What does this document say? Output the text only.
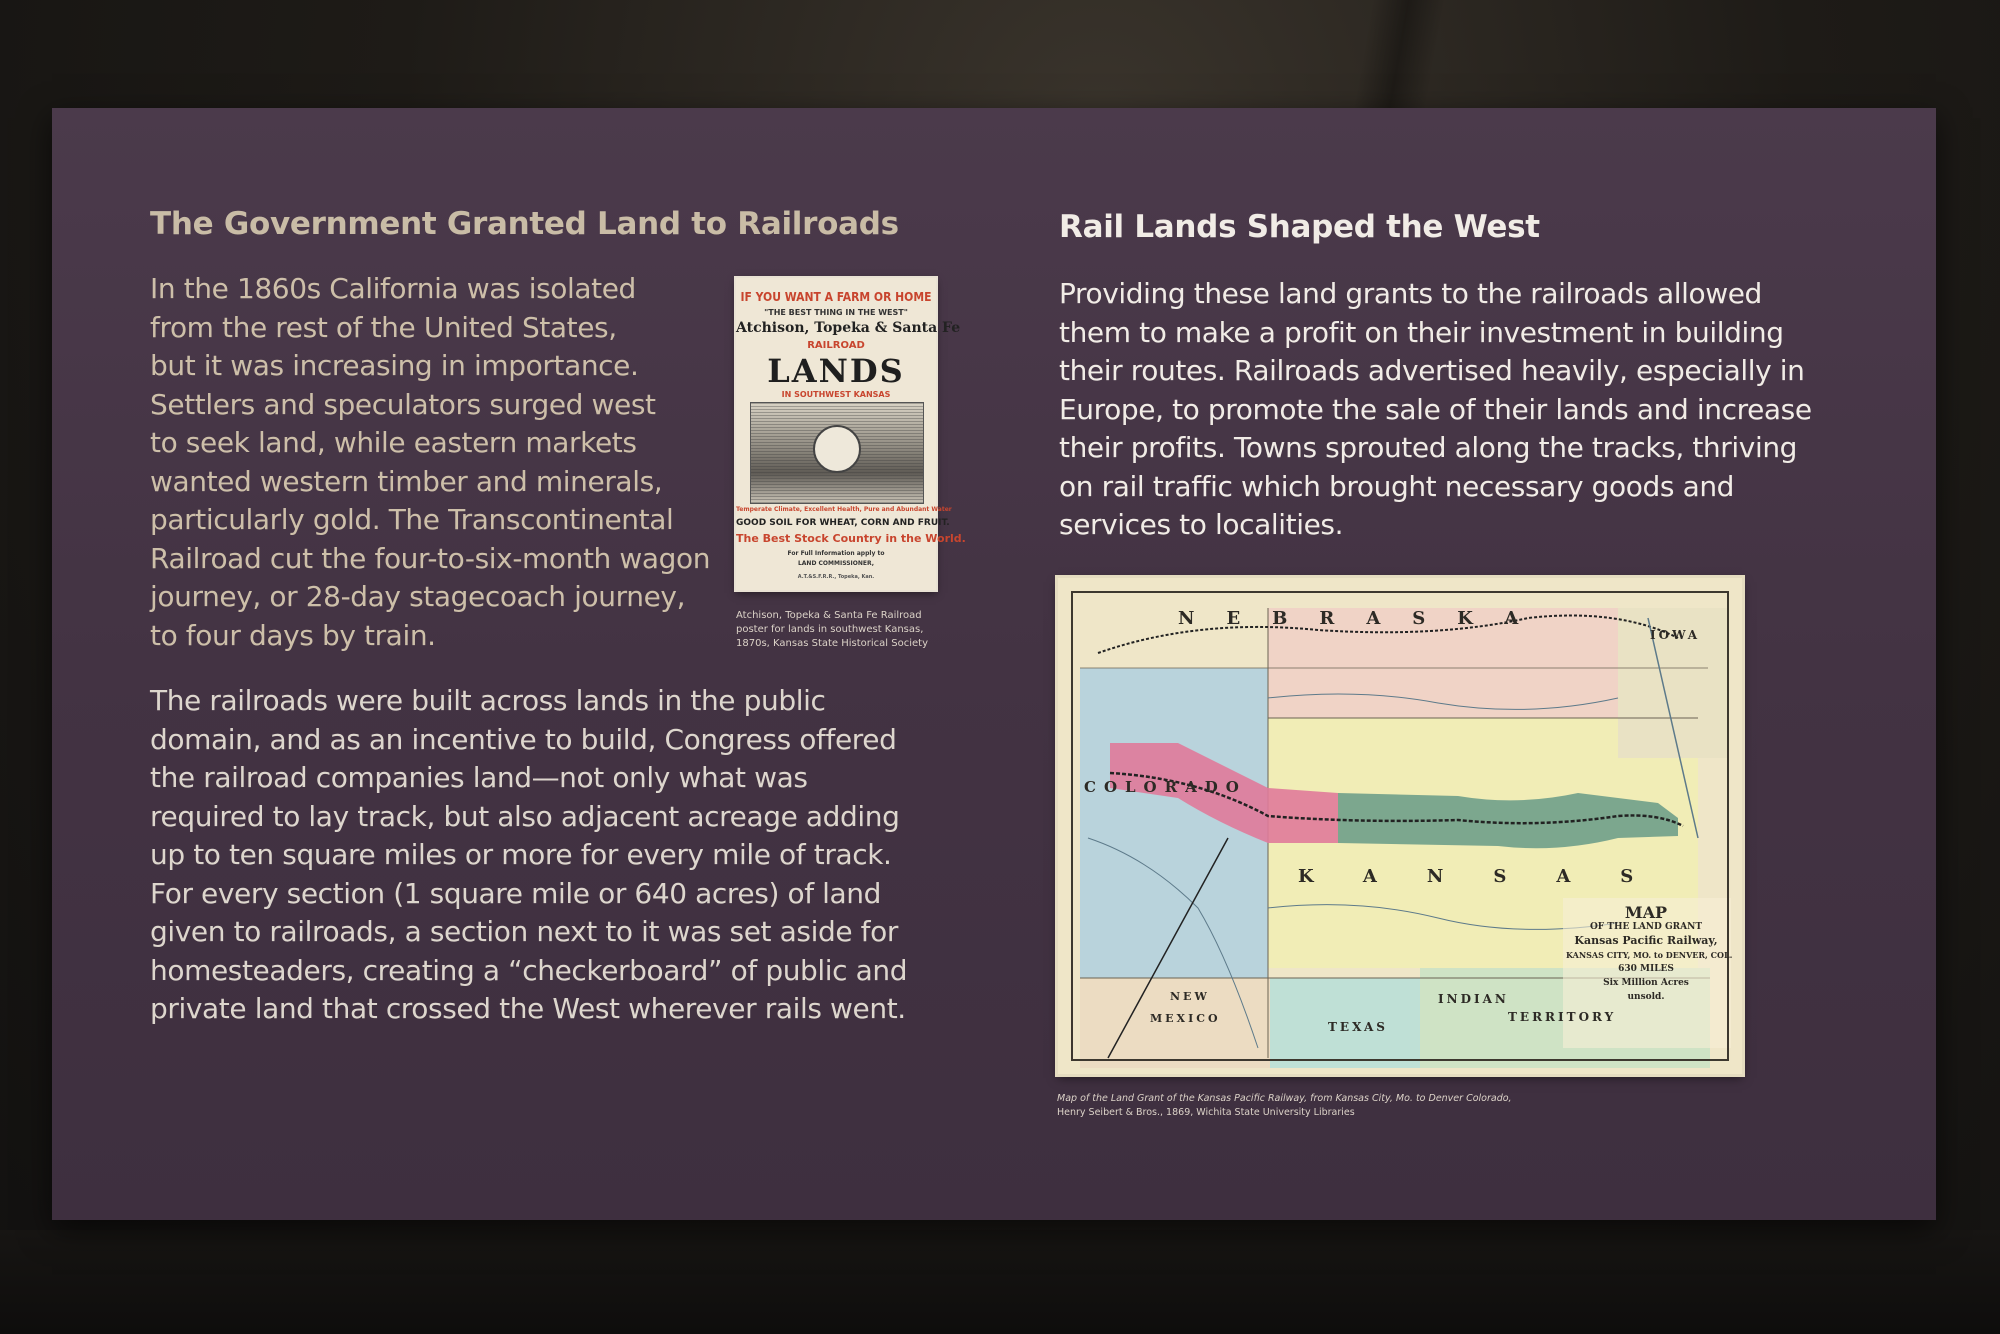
The Government Granted Land to Railroads
In the 1860s California was isolated
from the rest of the United States,
but it was increasing in importance.
Settlers and speculators surged west
to seek land, while eastern markets
wanted western timber and minerals,
particularly gold. The Transcontinental
Railroad cut the four-to-six-month wagon
journey, or 28-day stagecoach journey,
to four days by train.
IF YOU WANT A FARM OR HOME
"THE BEST THING IN THE WEST"
Atchison, Topeka & Santa Fe
RAILROAD
LANDS
IN SOUTHWEST KANSAS
Temperate Climate, Excellent Health, Pure and Abundant Water
GOOD SOIL FOR WHEAT, CORN AND FRUIT.
The Best Stock Country in the World.
For Full Information apply to
LAND COMMISSIONER,
A.T.&S.F.R.R., Topeka, Kan.
Atchison, Topeka & Santa Fe Railroad
poster for lands in southwest Kansas,
1870s, Kansas State Historical Society
The railroads were built across lands in the public
domain, and as an incentive to build, Congress offered
the railroad companies land—not only what was
required to lay track, but also adjacent acreage adding
up to ten square miles or more for every mile of track.
For every section (1 square mile or 640 acres) of land
given to railroads, a section next to it was set aside for
homesteaders, creating a “checkerboard” of public and
private land that crossed the West wherever rails went.
Rail Lands Shaped the West
Providing these land grants to the railroads allowed
them to make a profit on their investment in building
their routes. Railroads advertised heavily, especially in
Europe, to promote the sale of their lands and increase
their profits. Towns sprouted along the tracks, thriving
on rail traffic which brought necessary goods and
services to localities.
NEBRASKA
IOWA
COLORADO
KANSAS
NEW
MEXICO
INDIAN
TEXAS
TERRITORY
MAP
OF THE LAND GRANT
Kansas Pacific Railway,
KANSAS CITY, MO. to DENVER, COL.
630 MILES
Six Million Acres
unsold.
Map of the Land Grant of the Kansas Pacific Railway, from Kansas City, Mo. to Denver Colorado,
Henry Seibert & Bros., 1869, Wichita State University Libraries
